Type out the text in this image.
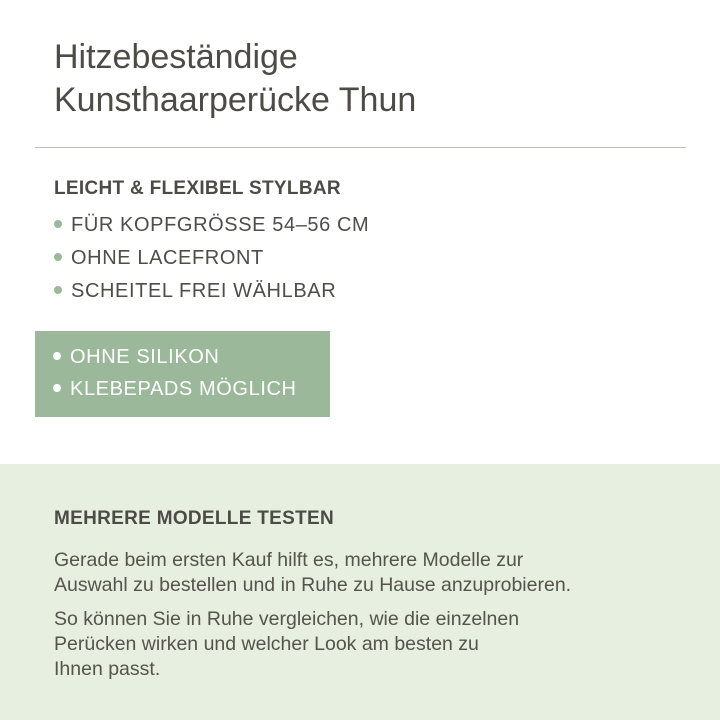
Hitzebeständige
Kunsthaarperücke Thun
LEICHT & FLEXIBEL STYLBAR
FÜR KOPFGRÖSSE 54–56 CM
OHNE LACEFRONT
SCHEITEL FREI WÄHLBAR
OHNE SILIKON
KLEBEPADS MÖGLICH
MEHRERE MODELLE TESTEN

Gerade beim ersten Kauf hilft es, mehrere Modelle zur
Auswahl zu bestellen und in Ruhe zu Hause anzuprobieren.

So können Sie in Ruhe vergleichen, wie die einzelnen
Perücken wirken und welcher Look am besten zu
Ihnen passt.
